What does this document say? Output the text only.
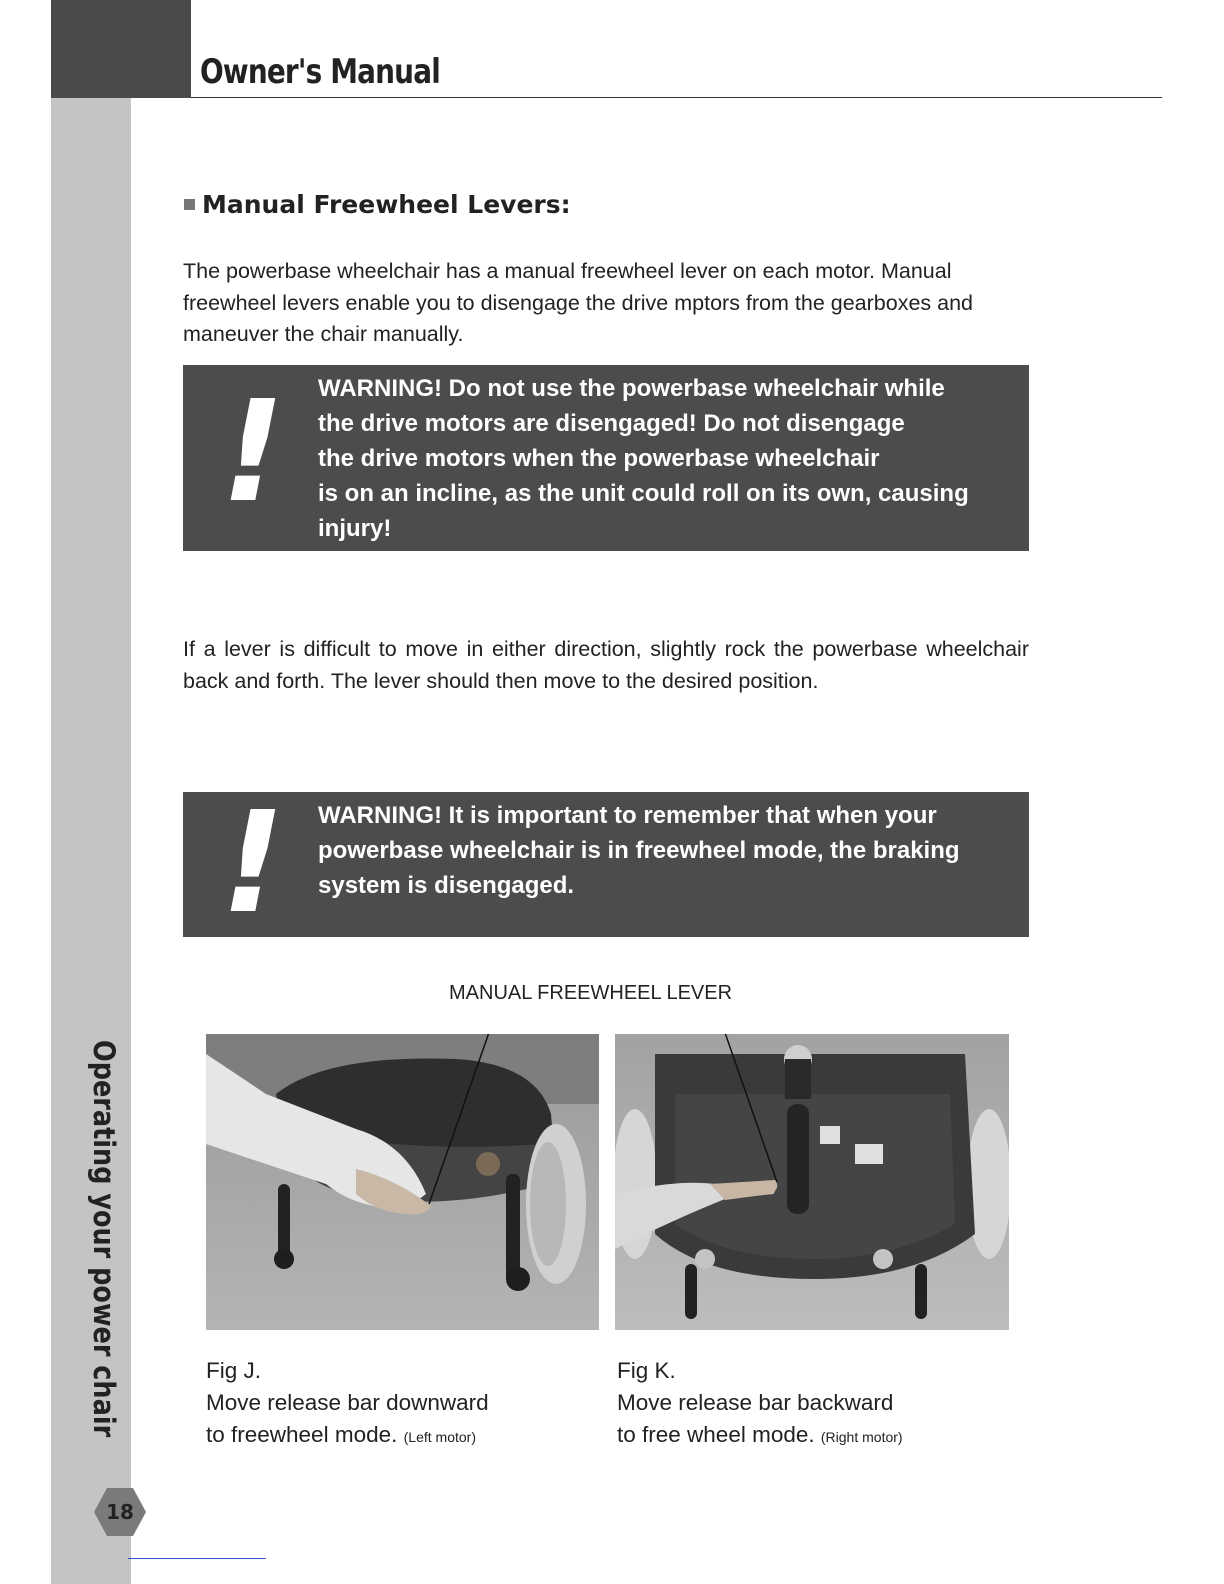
Owner's Manual
Manual Freewheel Levers:

The powerbase wheelchair has a manual freewheel lever on each motor. Manual freewheel levers enable you to disengage the drive mptors from the gearboxes and maneuver the chair manually.

! WARNING! Do not use the powerbase wheelchair while
the drive motors are disengaged! Do not disengage
the drive motors when the powerbase wheelchair
is on an incline, as the unit could roll on its own, causing
injury!

If a lever is difficult to move in either direction, slightly rock the powerbase wheelchair back and forth. The lever should then move to the desired position.

! WARNING! It is important to remember that when your
powerbase wheelchair is in freewheel mode, the braking
system is disengaged.

MANUAL FREEWHEEL LEVER
Fig J.
Move release bar downward
to freewheel mode. (Left motor)
Fig K.
Move release bar backward
to free wheel mode. (Right motor)
Operating your power chair
18
